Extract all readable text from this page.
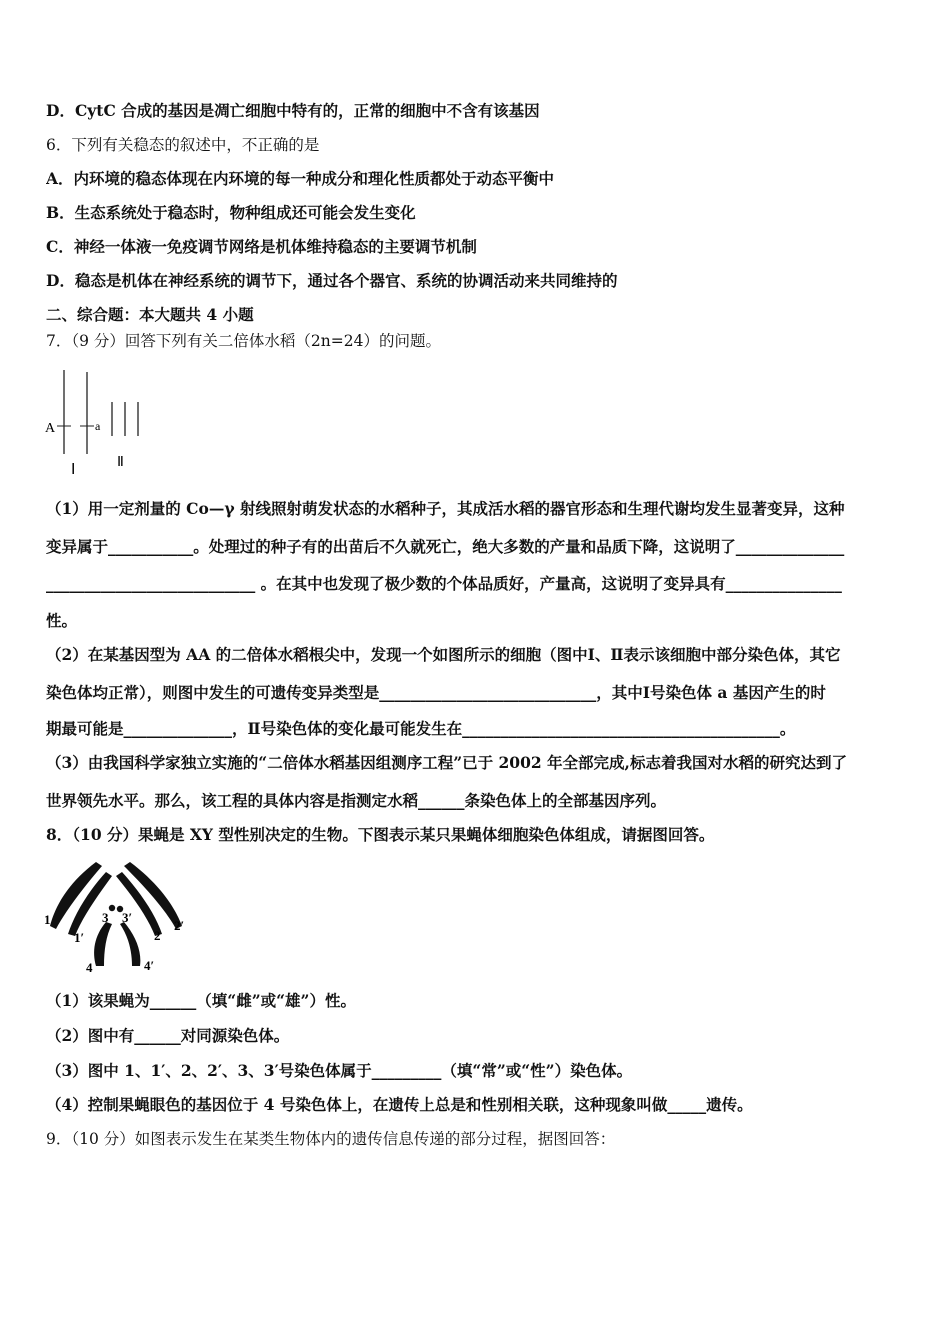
D．CytC 合成的基因是凋亡细胞中特有的，正常的细胞中不含有该基因
6．下列有关稳态的叙述中，不正确的是
A．内环境的稳态体现在内环境的每一种成分和理化性质都处于动态平衡中
B．生态系统处于稳态时，物种组成还可能会发生变化
C．神经一体液一免疫调节网络是机体维持稳态的主要调节机制
D．稳态是机体在神经系统的调节下，通过各个器官、系统的协调活动来共同维持的
二、综合题：本大题共 4 小题
7．（9 分）回答下列有关二倍体水稻（2n=24）的问题。
A	a
Ⅰ	Ⅱ
（1）用一定剂量的 Co—γ 射线照射萌发状态的水稻种子，其成活水稻的器官形态和生理代谢均发生显著变异，这种
变异属于___________。处理过的种子有的出苗后不久就死亡，绝大多数的产量和品质下降，这说明了______________
___________________________ 。在其中也发现了极少数的个体品质好，产量高，这说明了变异具有_______________
性。
（2）在某基因型为 AA 的二倍体水稻根尖中，发现一个如图所示的细胞（图中Ⅰ、Ⅱ表示该细胞中部分染色体，其它
染色体均正常），则图中发生的可遗传变异类型是____________________________，其中Ⅰ号染色体 a 基因产生的时
期最可能是______________，Ⅱ号染色体的变化最可能发生在_________________________________________。
（3）由我国科学家独立实施的“二倍体水稻基因组测序工程”已于 2002 年全部完成,标志着我国对水稻的研究达到了
世界领先水平。那么，该工程的具体内容是指测定水稻______条染色体上的全部基因序列。
8．（10 分）果蝇是 XY 型性别决定的生物。下图表示某只果蝇体细胞染色体组成，请据图回答。
1
1′
3 3′
2
2′
4	4′
（1）该果蝇为______（填“雌”或“雄”）性。
（2）图中有______对同源染色体。
（3）图中 1、1′、2、2′、3、3′号染色体属于_________（填“常”或“性”）染色体。
（4）控制果蝇眼色的基因位于 4 号染色体上，在遗传上总是和性别相关联，这种现象叫做_____遗传。
9．（10 分）如图表示发生在某类生物体内的遗传信息传递的部分过程，据图回答：
